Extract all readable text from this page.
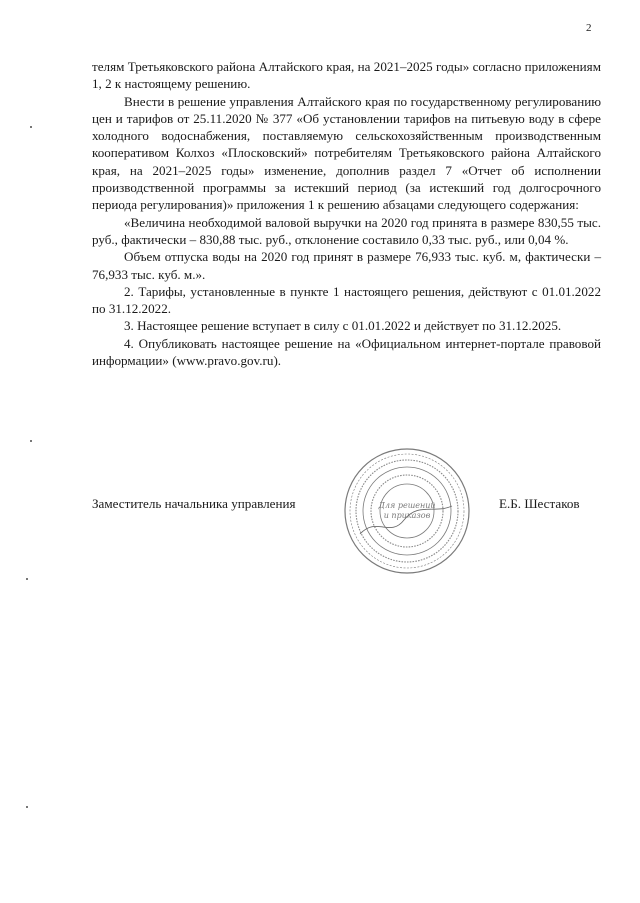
2

телям Третьяковского района Алтайского края, на 2021–2025 годы» согласно приложениям 1, 2 к настоящему решению.

Внести в решение управления Алтайского края по государственному регулированию цен и тарифов от 25.11.2020 № 377 «Об установлении тарифов на питьевую воду в сфере холодного водоснабжения, поставляемую сельскохозяйственным производственным кооперативом Колхоз «Плосковский» потребителям Третьяковского района Алтайского края, на 2021–2025 годы» изменение, дополнив раздел 7 «Отчет об исполнении производственной программы за истекший период (за истекший год долгосрочного периода регулирования)» приложения 1 к решению абзацами следующего содержания:

«Величина необходимой валовой выручки на 2020 год принята в размере 830,55 тыс. руб., фактически – 830,88 тыс. руб., отклонение составило 0,33 тыс. руб., или 0,04 %.

Объем отпуска воды на 2020 год принят в размере 76,933 тыс. куб. м, фактически – 76,933 тыс. куб. м.».

2. Тарифы, установленные в пункте 1 настоящего решения, действуют с 01.01.2022 по 31.12.2022.

3. Настоящее решение вступает в силу с 01.01.2022 и действует по 31.12.2025.

4. Опубликовать настоящее решение на «Официальном интернет-портале правовой информации» (www.pravo.gov.ru).

Заместитель начальника управления	Е.Б. Шестаков
Для решений
и приказов
